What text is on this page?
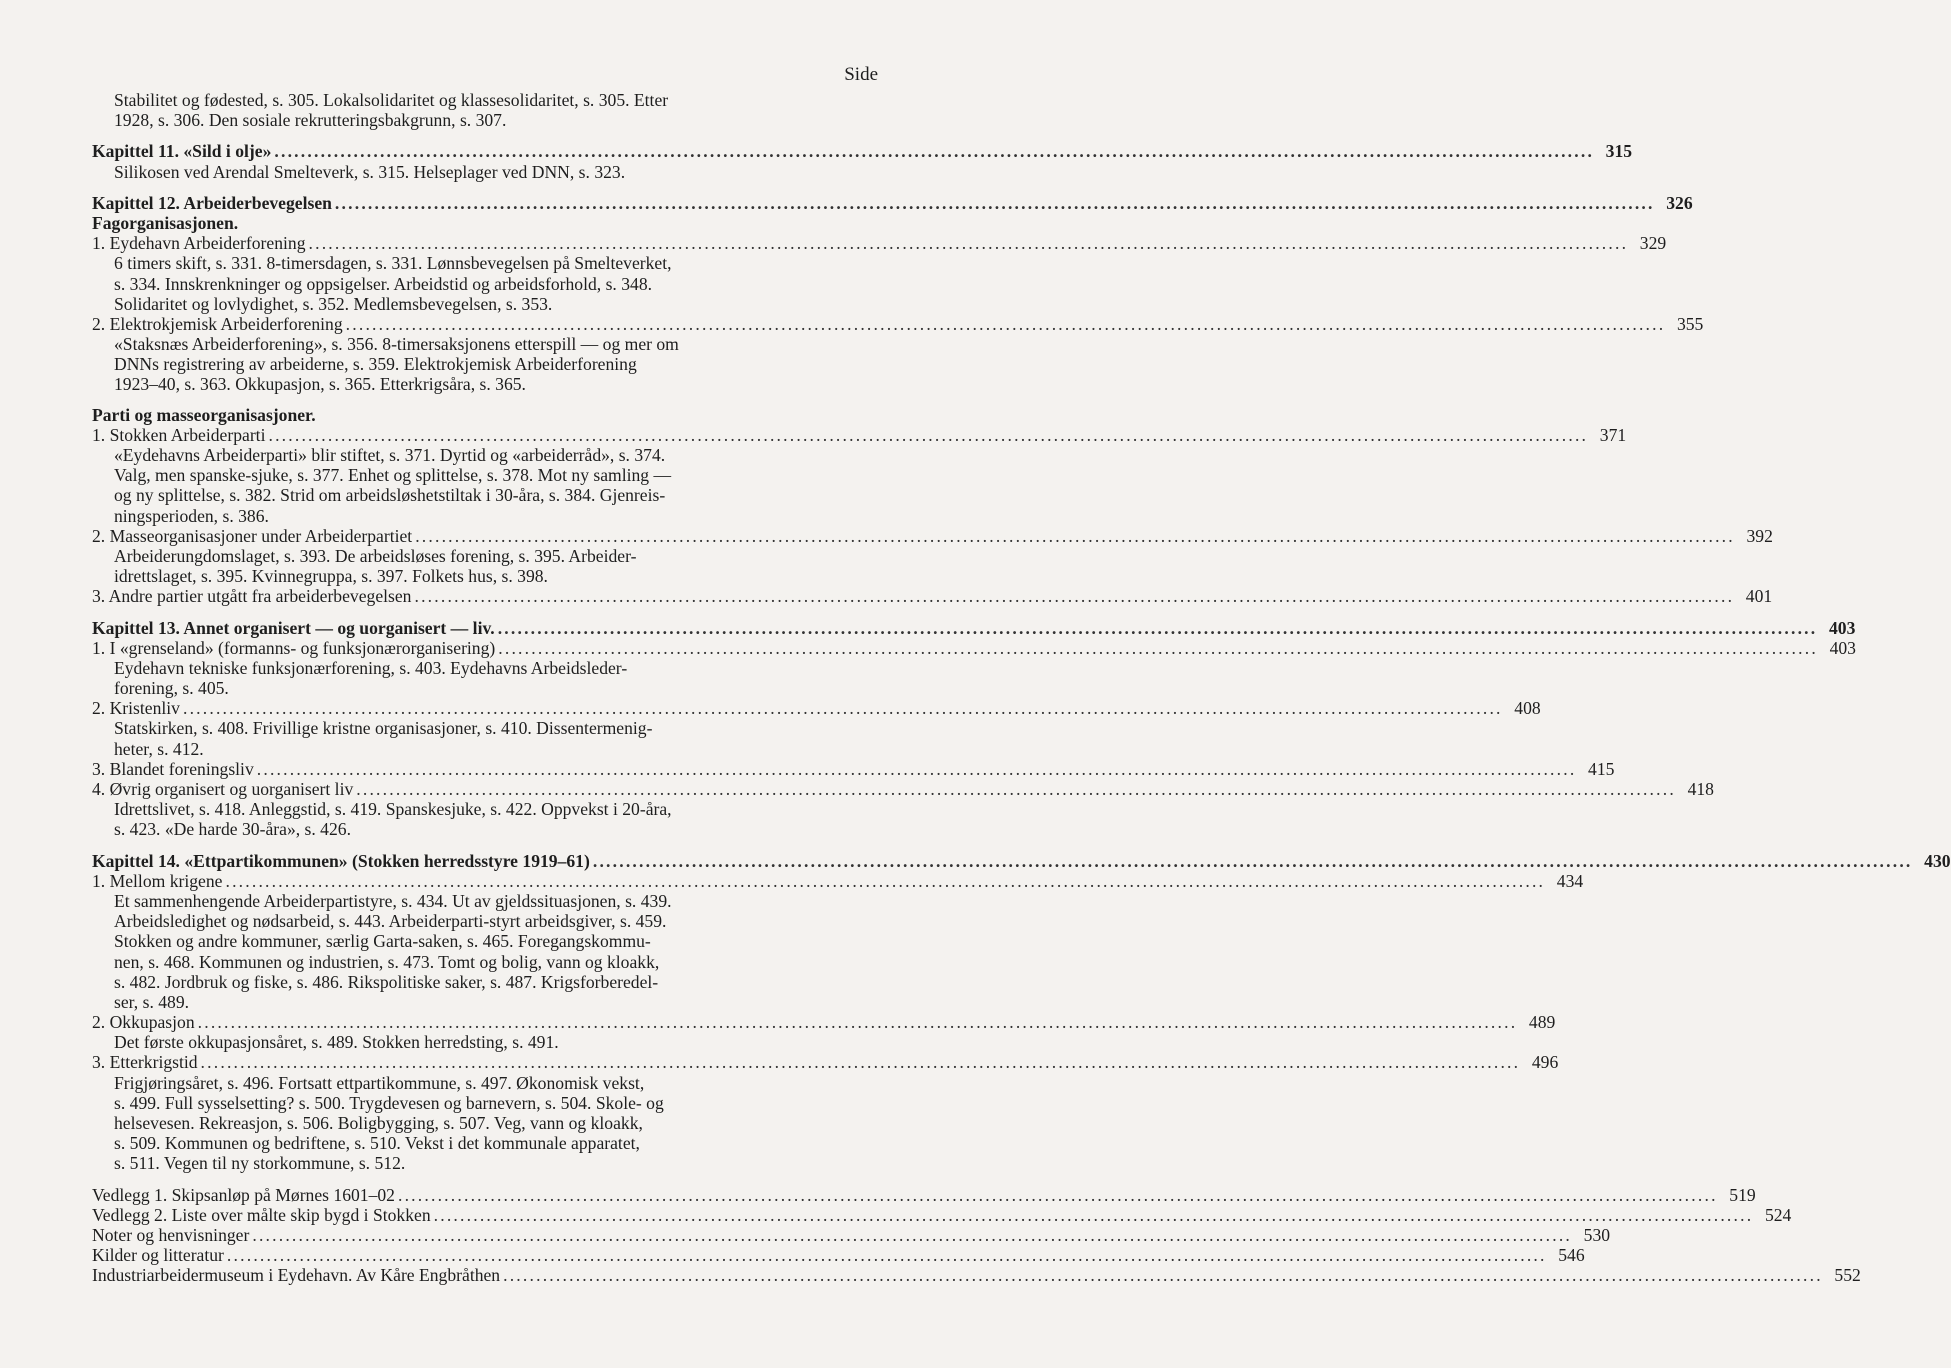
Side
Stabilitet og fødested, s. 305. Lokalsolidaritet og klassesolidaritet, s. 305. Etter
1928, s. 306. Den sosiale rekrutteringsbakgrunn, s. 307.
Kapittel 11. «Sild i olje» ........................................................................................................................................................................................................ 315
Silikosen ved Arendal Smelteverk, s. 315. Helseplager ved DNN, s. 323.
Kapittel 12. Arbeiderbevegelsen ........................................................................................................................................................................................................ 326
Fagorganisasjonen.
1. Eydehavn Arbeiderforening ........................................................................................................................................................................................................ 329
6 timers skift, s. 331. 8-timersdagen, s. 331. Lønnsbevegelsen på Smelteverket,
s. 334. Innskrenkninger og oppsigelser. Arbeidstid og arbeidsforhold, s. 348.
Solidaritet og lovlydighet, s. 352. Medlemsbevegelsen, s. 353.
2. Elektrokjemisk Arbeiderforening ........................................................................................................................................................................................................ 355
«Staksnæs Arbeiderforening», s. 356. 8-timersaksjonens etterspill — og mer om
DNNs registrering av arbeiderne, s. 359. Elektrokjemisk Arbeiderforening
1923–40, s. 363. Okkupasjon, s. 365. Etterkrigsåra, s. 365.
Parti og masseorganisasjoner.
1. Stokken Arbeiderparti ........................................................................................................................................................................................................ 371
«Eydehavns Arbeiderparti» blir stiftet, s. 371. Dyrtid og «arbeiderråd», s. 374.
Valg, men spanske-sjuke, s. 377. Enhet og splittelse, s. 378. Mot ny samling —
og ny splittelse, s. 382. Strid om arbeidsløshetstiltak i 30-åra, s. 384. Gjenreis-
ningsperioden, s. 386.
2. Masseorganisasjoner under Arbeiderpartiet ........................................................................................................................................................................................................ 392
Arbeiderungdomslaget, s. 393. De arbeidsløses forening, s. 395. Arbeider-
idrettslaget, s. 395. Kvinnegruppa, s. 397. Folkets hus, s. 398.
3. Andre partier utgått fra arbeiderbevegelsen ........................................................................................................................................................................................................ 401
Kapittel 13. Annet organisert — og uorganisert — liv. ........................................................................................................................................................................................................ 403
1. I «grenseland» (formanns- og funksjonærorganisering) ........................................................................................................................................................................................................ 403
Eydehavn tekniske funksjonærforening, s. 403. Eydehavns Arbeidsleder-
forening, s. 405.
2. Kristenliv ........................................................................................................................................................................................................ 408
Statskirken, s. 408. Frivillige kristne organisasjoner, s. 410. Dissentermenig-
heter, s. 412.
3. Blandet foreningsliv ........................................................................................................................................................................................................ 415
4. Øvrig organisert og uorganisert liv ........................................................................................................................................................................................................ 418
Idrettslivet, s. 418. Anleggstid, s. 419. Spanskesjuke, s. 422. Oppvekst i 20-åra,
s. 423. «De harde 30-åra», s. 426.
Kapittel 14. «Ettpartikommunen» (Stokken herredsstyre 1919–61) ........................................................................................................................................................................................................ 430
1. Mellom krigene ........................................................................................................................................................................................................ 434
Et sammenhengende Arbeiderpartistyre, s. 434. Ut av gjeldssituasjonen, s. 439.
Arbeidsledighet og nødsarbeid, s. 443. Arbeiderparti-styrt arbeidsgiver, s. 459.
Stokken og andre kommuner, særlig Garta-saken, s. 465. Foregangskommu-
nen, s. 468. Kommunen og industrien, s. 473. Tomt og bolig, vann og kloakk,
s. 482. Jordbruk og fiske, s. 486. Rikspolitiske saker, s. 487. Krigsforberedel-
ser, s. 489.
2. Okkupasjon ........................................................................................................................................................................................................ 489
Det første okkupasjonsåret, s. 489. Stokken herredsting, s. 491.
3. Etterkrigstid ........................................................................................................................................................................................................ 496
Frigjøringsåret, s. 496. Fortsatt ettpartikommune, s. 497. Økonomisk vekst,
s. 499. Full sysselsetting? s. 500. Trygdevesen og barnevern, s. 504. Skole- og
helsevesen. Rekreasjon, s. 506. Boligbygging, s. 507. Veg, vann og kloakk,
s. 509. Kommunen og bedriftene, s. 510. Vekst i det kommunale apparatet,
s. 511. Vegen til ny storkommune, s. 512.
Vedlegg 1. Skipsanløp på Mørnes 1601–02 ........................................................................................................................................................................................................ 519
Vedlegg 2. Liste over målte skip bygd i Stokken ........................................................................................................................................................................................................ 524
Noter og henvisninger ........................................................................................................................................................................................................ 530
Kilder og litteratur ........................................................................................................................................................................................................ 546
Industriarbeidermuseum i Eydehavn. Av Kåre Engbråthen ........................................................................................................................................................................................................ 552
